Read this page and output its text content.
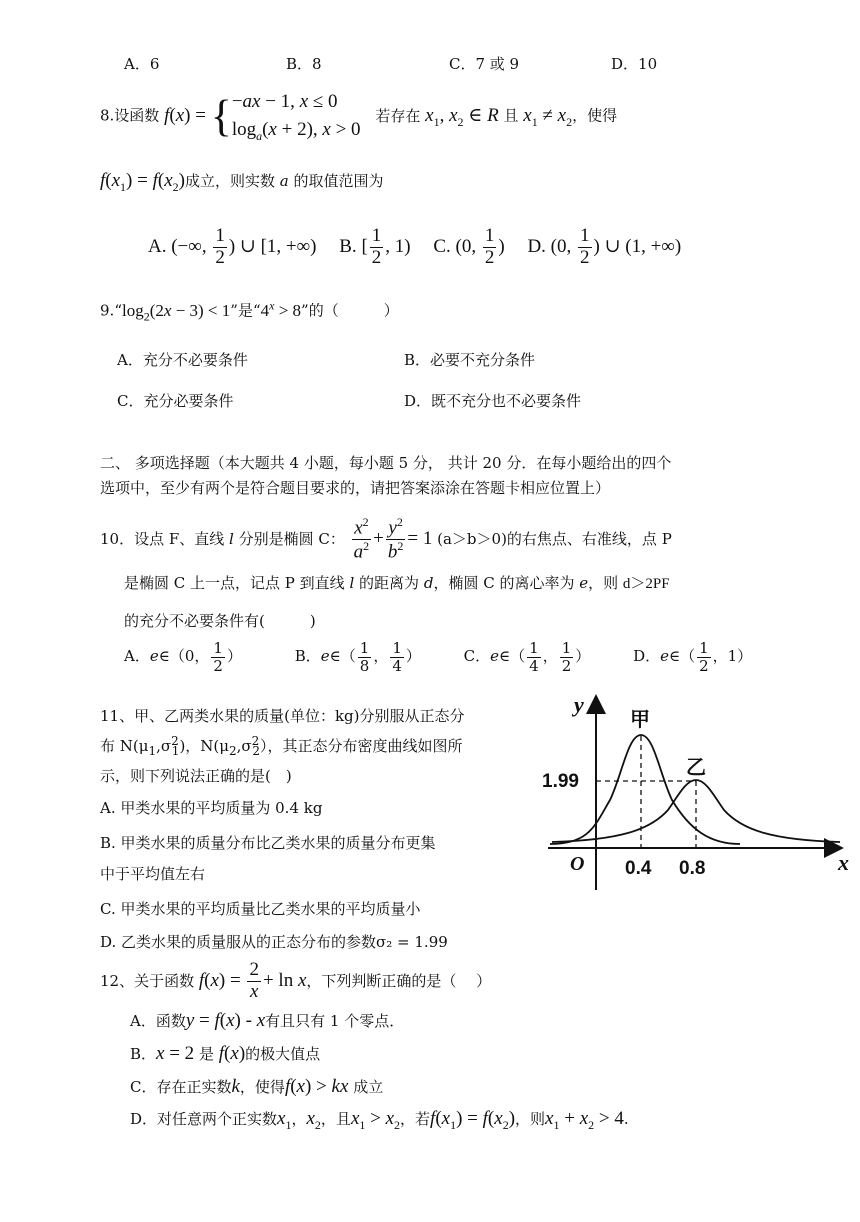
A．6	B．8	C．7 或 9	D．10
8.设函数 f(x) = { −ax − 1, x ≤ 0
$\log_a(x + 2)$, x > 0
若存在 $x_1$, $x_2$ ∈ R 且 $x_1 \ne x_2$，使得
$f(x_1) = f(x_2)$成立，则实数 a 的取值范围为
A. (−∞, $\frac{1}{2}$ ) ∪ [1, +∞) B. [ $\frac{1}{2}$ , 1) C. (0, $\frac{1}{2}$ ) D. (0, $\frac{1}{2}$ ) ∪ (1, +∞)
$9.“\log_2(2x - 3) < 1$”是“$4^x > 8$”的（　　　）
A．充分不必要条件	B．必要不充分条件
C．充分必要条件	D．既不充分也不必要条件
二、 多项选择题（本大题共 4 小题，每小题 5 分， 共计 20 分．在每小题给出的四个
选项中，至少有两个是符合题目要求的，请把答案添涂在答题卡相应位置上）
10．设点 F、直线 l 分别是椭圆 C： $\frac{x^2}{a^2} + \frac{y^2}{b^2} = 1$ (a＞b＞0)的右焦点、右准线，点 P
是椭圆 C 上一点，记点 P 到直线 l 的距离为 d，椭圆 C 的离心率为 e，则 d＞2PF
的充分不必要条件有(　　　)
A．e∈（0， $\frac{1}{2}$ ）	B．e∈（ $\frac{1}{8}$ ， $\frac{1}{4}$ ）	C．e∈（ $\frac{1}{4}$ ， $\frac{1}{2}$ ）	D．e∈（ $\frac{1}{2}$ ，1）
11、甲、乙两类水果的质量(单位：kg)分别服从正态分
布 $N(\mu_1,\sigma^2_1)$，$N(\mu_2,\sigma^2_2)$，其正态分布密度曲线如图所
示，则下列说法正确的是(　)
A. 甲类水果的平均质量为 0.4 kg
B. 甲类水果的质量分布比乙类水果的质量分布更集
中于平均值左右
C. 甲类水果的平均质量比乙类水果的平均质量小
D. 乙类水果的质量服从的正态分布的参数σ₂ = 1.99
y
x
O
1.99
0.4 0.8
甲
乙
12、关于函数 $f(x) = \frac{2}{x} + \ln x$，下列判断正确的是（　 ）
A．函数y = f(x) - x有且只有 1 个零点．
B．x = 2 是 f(x)的极大值点
C．存在正实数k，使得f(x) > kx 成立
D．对任意两个正实数$x_1$，$x_2$，且$x_1 > x_2$，若$f(x_1) = f(x_2)$，则$x_1 + x_2 > 4$.
